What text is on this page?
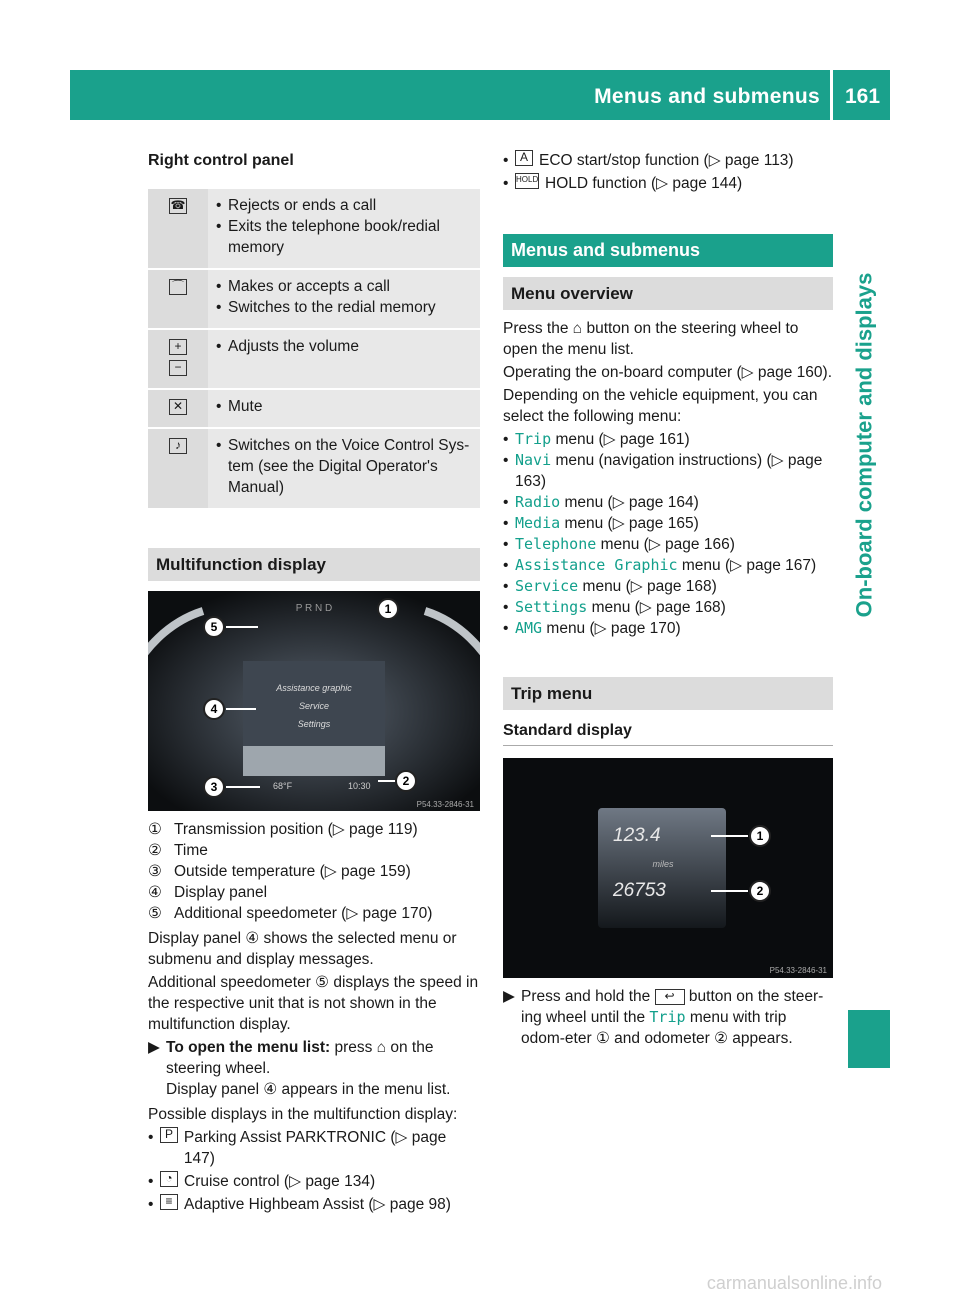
Menus and submenus 161
On-board computer and displays
Right control panel
☎	• Rejects or ends a call
• Exits the telephone book/redial memory

⌒	• Makes or accepts a call
• Switches to the redial memory

+
−	• Adjusts the volume

✕	• Mute

♪	• Switches on the Voice Control Sys-tem (see the Digital Operator's Manual)
Multifunction display
Assistance graphic
Service
Settings
P R N D
68°F	10:30
P54.33-2846-31
1
2
3
4
5
① Transmission position (▷ page 119)
② Time
③ Outside temperature (▷ page 159)
④ Display panel
⑤ Additional speedometer (▷ page 170)

Display panel ④ shows the selected menu or submenu and display messages.

Additional speedometer ⑤ displays the speed in the respective unit that is not shown in the multifunction display.

▶ To open the menu list: press ⌂ on the steering wheel.
Display panel ④ appears in the menu list.

Possible displays in the multifunction display:

• P Parking Assist PARKTRONIC (▷ page 147)
• ◔ Cruise control (▷ page 134)
•	≡ Adaptive Highbeam Assist (▷ page 98)
• A ECO start/stop function (▷ page 113)
• HOLD HOLD function (▷ page 144)
Menus and submenus
Menu overview

Press the ⌂ button on the steering wheel to open the menu list.

Operating the on-board computer (▷ page 160).

Depending on the vehicle equipment, you can select the following menu:

• Trip menu (▷ page 161)
• Navi menu (navigation instructions) (▷ page 163)
• Radio menu (▷ page 164)
• Media menu (▷ page 165)
• Telephone menu (▷ page 166)
• Assistance Graphic menu (▷ page 167)
• Service menu (▷ page 168)
• Settings menu (▷ page 168)
• AMG menu (▷ page 170)
Trip menu
Standard display
123.4
miles
26753
P54.33-2846-31
1
2
▶ Press and hold the ↩ button on the steer-ing wheel until the Trip menu with trip odom-eter ① and odometer ② appears.
carmanualsonline.info
